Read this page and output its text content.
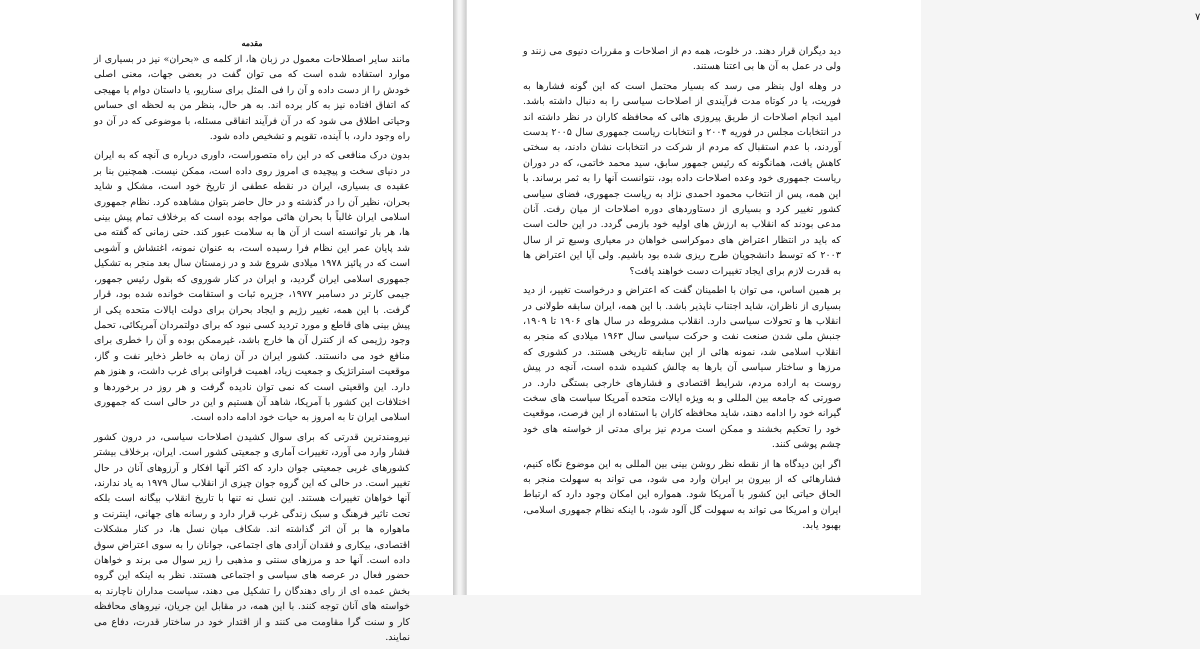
مقدمه

مانند سایر اصطلاحات معمول در زبان ها، از کلمه ی «بحران» نیز در بسیاری از موارد استفاده شده است که می توان گفت در بعضی جهات، معنی اصلی خودش را از دست داده و آن را فی المثل برای سناریو، یا داستان دوام یا مهیجی که اتفاق افتاده نیز به کار برده اند. به هر حال، بنظر من به لحظه ای حساس وحیاتی اطلاق می شود که در آن فرآیند اتفاقی مسئله، با موضوعی که در آن دو راه وجود دارد، با آینده، تقویم و تشخیص داده شود.

بدون درک منافعی که در این راه متصوراست، داوری درباره ی آنچه که به ایران در دنیای سخت و پیچیده ی امروز روی داده است، ممکن نیست. همچنین بنا بر عقیده ی بسیاری، ایران در نقطه عطفی از تاریخ خود است، مشکل و شاید بحران، نظیر آن را در گذشته و در حال حاضر بتوان مشاهده کرد. نظام جمهوری اسلامی ایران غالباً با بحران هائی مواجه بوده است که برخلاف تمام پیش بینی ها، هر بار توانسته است از آن ها به سلامت عبور کند. حتی زمانی که گفته می شد پایان عمر این نظام فرا رسیده است، به عنوان نمونه، اغتشاش و آشوبی است که در پائیز ۱۹۷۸ میلادی شروع شد و در زمستان سال بعد منجر به تشکیل جمهوری اسلامی ایران گردید، و ایران در کنار شوروی که بقول رئیس جمهور، جیمی کارتر در دسامبر ۱۹۷۷، جزیره ثبات و استقامت خوانده شده بود، قرار گرفت. با این همه، تغییر رژیم و ایجاد بحران برای دولت ایالات متحده یکی از پیش بینی های قاطع و مورد تردید کسی نبود که برای دولتمردان آمریکائی، تحمل وجود رژیمی که از کنترل آن ها خارج باشد، غیرممکن بوده و آن را خطری برای منافع خود می دانستند. کشور ایران در آن زمان به خاطر ذخایر نفت و گاز، موقعیت استراتژیک و جمعیت زیاد، اهمیت فراوانی برای غرب داشت، و هنوز هم دارد. این واقعیتی است که نمی توان نادیده گرفت و هر روز در برخوردها و اختلافات این کشور با آمریکا، شاهد آن هستیم و این در حالی است که جمهوری اسلامی ایران تا به امروز به حیات خود ادامه داده است.

نیرومندترین قدرتی که برای سوال کشیدن اصلاحات سیاسی، در درون کشور فشار وارد می آورد، تغییرات آماری و جمعیتی کشور است. ایران، برخلاف بیشتر کشورهای غربی جمعیتی جوان دارد که اکثر آنها افکار و آرزوهای آنان در حال تغییر است. در حالی که این گروه جوان چیزی از انقلاب سال ۱۹۷۹ به یاد ندارند، آنها خواهان تغییرات هستند. این نسل نه تنها با تاریخ انقلاب بیگانه است بلکه تحت تاثیر فرهنگ و سبک زندگی غرب قرار دارد و رسانه های جهانی، اینترنت و ماهواره ها بر آن اثر گذاشته اند. شکاف میان نسل ها، در کنار مشکلات اقتصادی، بیکاری و فقدان آزادی های اجتماعی، جوانان را به سوی اعتراض سوق داده است. آنها حد و مرزهای سنتی و مذهبی را زیر سوال می برند و خواهان حضور فعال در عرصه های سیاسی و اجتماعی هستند. نظر به اینکه این گروه بخش عمده ای از رای دهندگان را تشکیل می دهند، سیاست مداران ناچارند به خواسته های آنان توجه کنند. با این همه، در مقابل این جریان، نیروهای محافظه کار و سنت گرا مقاومت می کنند و از اقتدار خود در ساختار قدرت، دفاع می نمایند.

۷

دید دیگران قرار دهند. در خلوت، همه دم از اصلاحات و مقررات دنیوی می زنند و ولی در عمل به آن ها بی اعتنا هستند.

در وهله اول بنظر می رسد که بسیار محتمل است که این گونه فشارها به فوریت، یا در کوتاه مدت فرآیندی از اصلاحات سیاسی را به دنبال داشته باشد. امید انجام اصلاحات از طریق پیروزی هائی که محافظه کاران در نظر داشته اند در انتخابات مجلس در فوریه ۲۰۰۴ و انتخابات ریاست جمهوری سال ۲۰۰۵ بدست آوردند، با عدم استقبال که مردم از شرکت در انتخابات نشان دادند، به سختی کاهش یافت، همانگونه که رئیس جمهور سابق، سید محمد خاتمی، که در دوران ریاست جمهوری خود وعده اصلاحات داده بود، نتوانست آنها را به ثمر برساند. با این همه، پس از انتخاب محمود احمدی نژاد به ریاست جمهوری، فضای سیاسی کشور تغییر کرد و بسیاری از دستاوردهای دوره اصلاحات از میان رفت. آنان مدعی بودند که انقلاب به ارزش های اولیه خود بازمی گردد. در این حالت است که باید در انتظار اعتراض های دموکراسی خواهان در معیاری وسیع تر از سال ۲۰۰۳ که توسط دانشجویان طرح ریزی شده بود باشیم. ولی آیا این اعتراض ها به قدرت لازم برای ایجاد تغییرات دست خواهند یافت؟

بر همین اساس، می توان با اطمینان گفت که اعتراض و درخواست تغییر، از دید بسیاری از ناظران، شاید اجتناب ناپذیر باشد. با این همه، ایران سابقه طولانی در انقلاب ها و تحولات سیاسی دارد. انقلاب مشروطه در سال های ۱۹۰۶ تا ۱۹۰۹، جنبش ملی شدن صنعت نفت و حرکت سیاسی سال ۱۹۶۳ میلادی که منجر به انقلاب اسلامی شد، نمونه هائی از این سابقه تاریخی هستند. در کشوری که مرزها و ساختار سیاسی آن بارها به چالش کشیده شده است، آنچه در پیش روست به اراده مردم، شرایط اقتصادی و فشارهای خارجی بستگی دارد. در صورتی که جامعه بین المللی و به ویژه ایالات متحده آمریکا سیاست های سخت گیرانه خود را ادامه دهند، شاید محافظه کاران با استفاده از این فرصت، موقعیت خود را تحکیم بخشند و ممکن است مردم نیز برای مدتی از خواسته های خود چشم پوشی کنند.

اگر این دیدگاه ها از نقطه نظر روشن بینی بین المللی به این موضوع نگاه کنیم، فشارهائی که از بیرون بر ایران وارد می شود، می تواند به سهولت منجر به الحاق حیاتی این کشور با آمریکا شود. همواره این امکان وجود دارد که ارتباط ایران و امریکا می تواند به سهولت گل آلود شود، با اینکه نظام جمهوری اسلامی، بهبود یابد.
